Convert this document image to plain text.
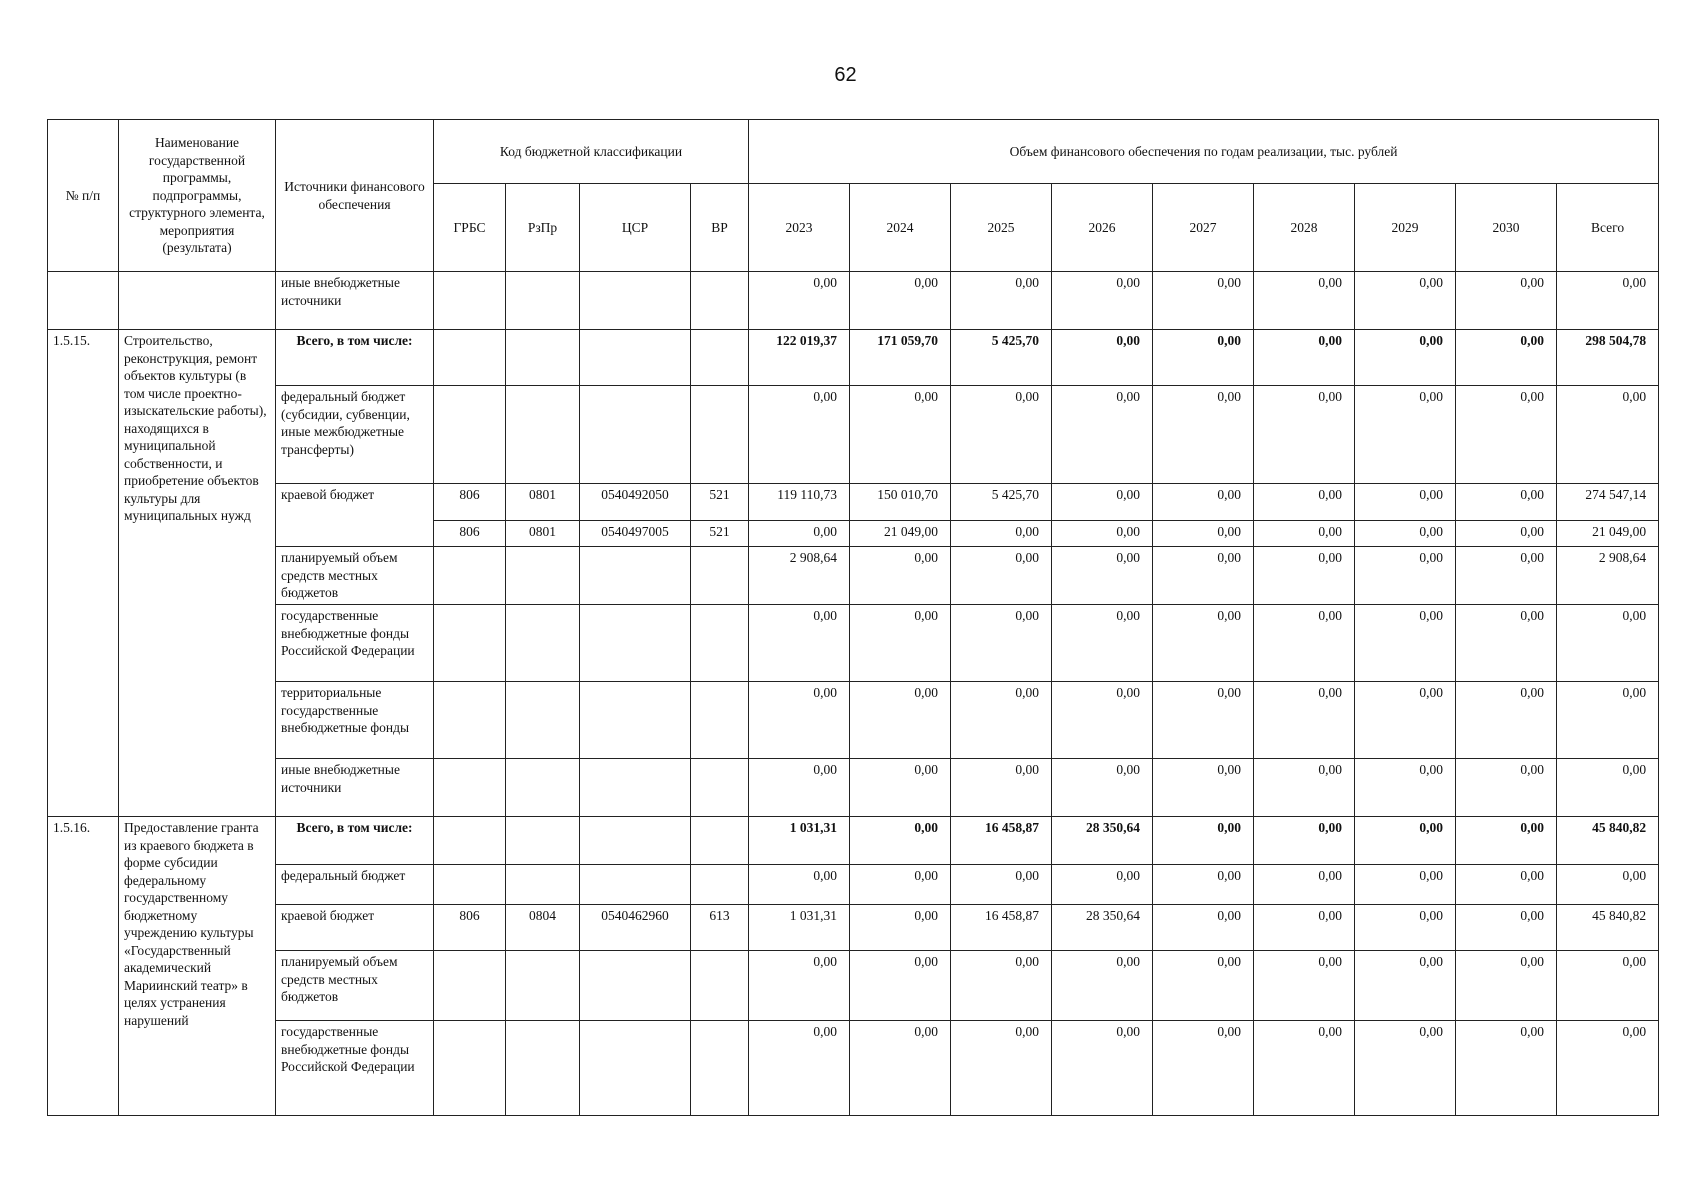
62
№ п/п	Наименование государственной программы, подпрограммы, структурного элемента, мероприятия (результата)	Источники финансового обеспечения	Код бюджетной классификации				Объем финансового обеспечения по годам реализации, тыс. рублей								
			ГРБС	РзПр	ЦСР	ВР	2023	2024	2025	2026	2027	2028	2029	2030	Всего
		иные внебюджетные источники					0,00	0,00	0,00	0,00	0,00	0,00	0,00	0,00	0,00
1.5.15.	Строительство, реконструкция, ремонт объектов культуры (в том числе проектно-изыскательские работы), находящихся в муниципальной собственности, и приобретение объектов культуры для муниципальных нужд	Всего, в том числе:					122 019,37	171 059,70	5 425,70	0,00	0,00	0,00	0,00	0,00	298 504,78
		федеральный бюджет (субсидии, субвенции, иные межбюджетные трансферты)					0,00	0,00	0,00	0,00	0,00	0,00	0,00	0,00	0,00
		краевой бюджет	806	0801	0540492050	521	119 110,73	150 010,70	5 425,70	0,00	0,00	0,00	0,00	0,00	274 547,14
			806	0801	0540497005	521	0,00	21 049,00	0,00	0,00	0,00	0,00	0,00	0,00	21 049,00
		планируемый объем средств местных бюджетов					2 908,64	0,00	0,00	0,00	0,00	0,00	0,00	0,00	2 908,64
		государственные внебюджетные фонды Российской Федерации					0,00	0,00	0,00	0,00	0,00	0,00	0,00	0,00	0,00
		территориальные государственные внебюджетные фонды					0,00	0,00	0,00	0,00	0,00	0,00	0,00	0,00	0,00
		иные внебюджетные источники					0,00	0,00	0,00	0,00	0,00	0,00	0,00	0,00	0,00
1.5.16.	Предоставление гранта из краевого бюджета в форме субсидии федеральному государственному бюджетному учреждению культуры «Государственный академический Мариинский театр» в целях устранения нарушений	Всего, в том числе:					1 031,31	0,00	16 458,87	28 350,64	0,00	0,00	0,00	0,00	45 840,82
		федеральный бюджет					0,00	0,00	0,00	0,00	0,00	0,00	0,00	0,00	0,00
		краевой бюджет	806	0804	0540462960	613	1 031,31	0,00	16 458,87	28 350,64	0,00	0,00	0,00	0,00	45 840,82
		планируемый объем средств местных бюджетов					0,00	0,00	0,00	0,00	0,00	0,00	0,00	0,00	0,00
		государственные внебюджетные фонды Российской Федерации					0,00	0,00	0,00	0,00	0,00	0,00	0,00	0,00	0,00
